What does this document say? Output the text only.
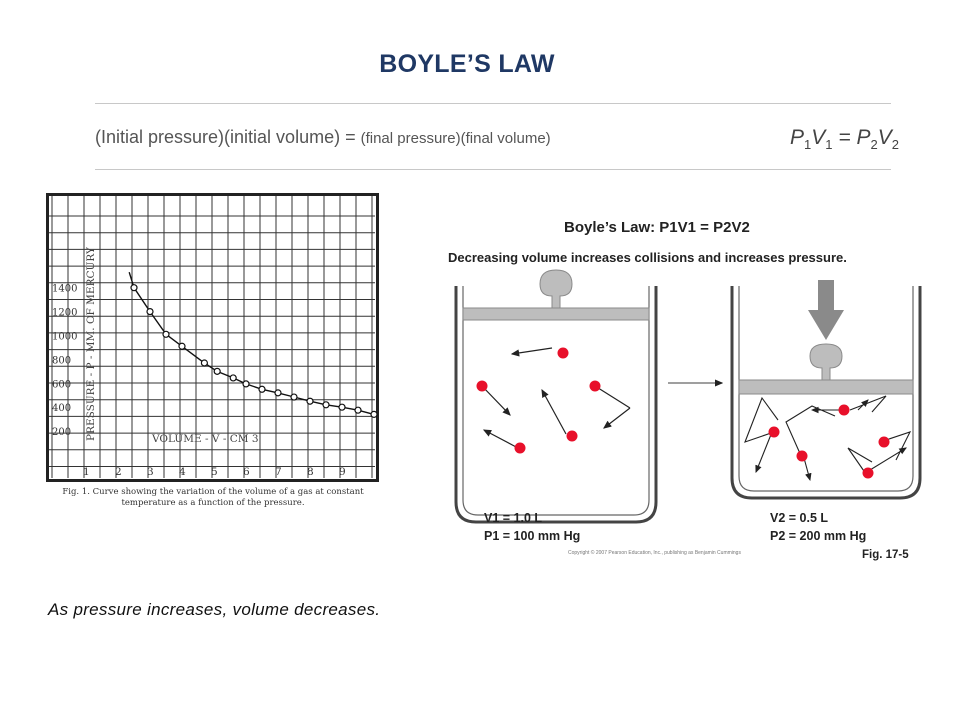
BOYLE’S LAW
(Initial pressure)(initial volume) = (final pressure)(final volume)	$P_1V_1 = P_2V_2$
1400
1200
1000
800
600
400
200
1 2 3 4 5 6 7 8 9
PRESSURE - P - MM. OF MERCURY	VOLUME - V - CM 3
Fig. 1. Curve showing the variation of the volume of a gas at constant temperature as a function of the pressure.
Boyle’s Law: P1V1 = P2V2
Decreasing volume increases collisions and increases pressure.
V1 = 1.0 L
P1 = 100 mm Hg
V2 = 0.5 L
P2 = 200 mm Hg
Copyright © 2007 Pearson Education, Inc., publishing as Benjamin Cummings	Fig. 17-5
As pressure increases, volume decreases.
